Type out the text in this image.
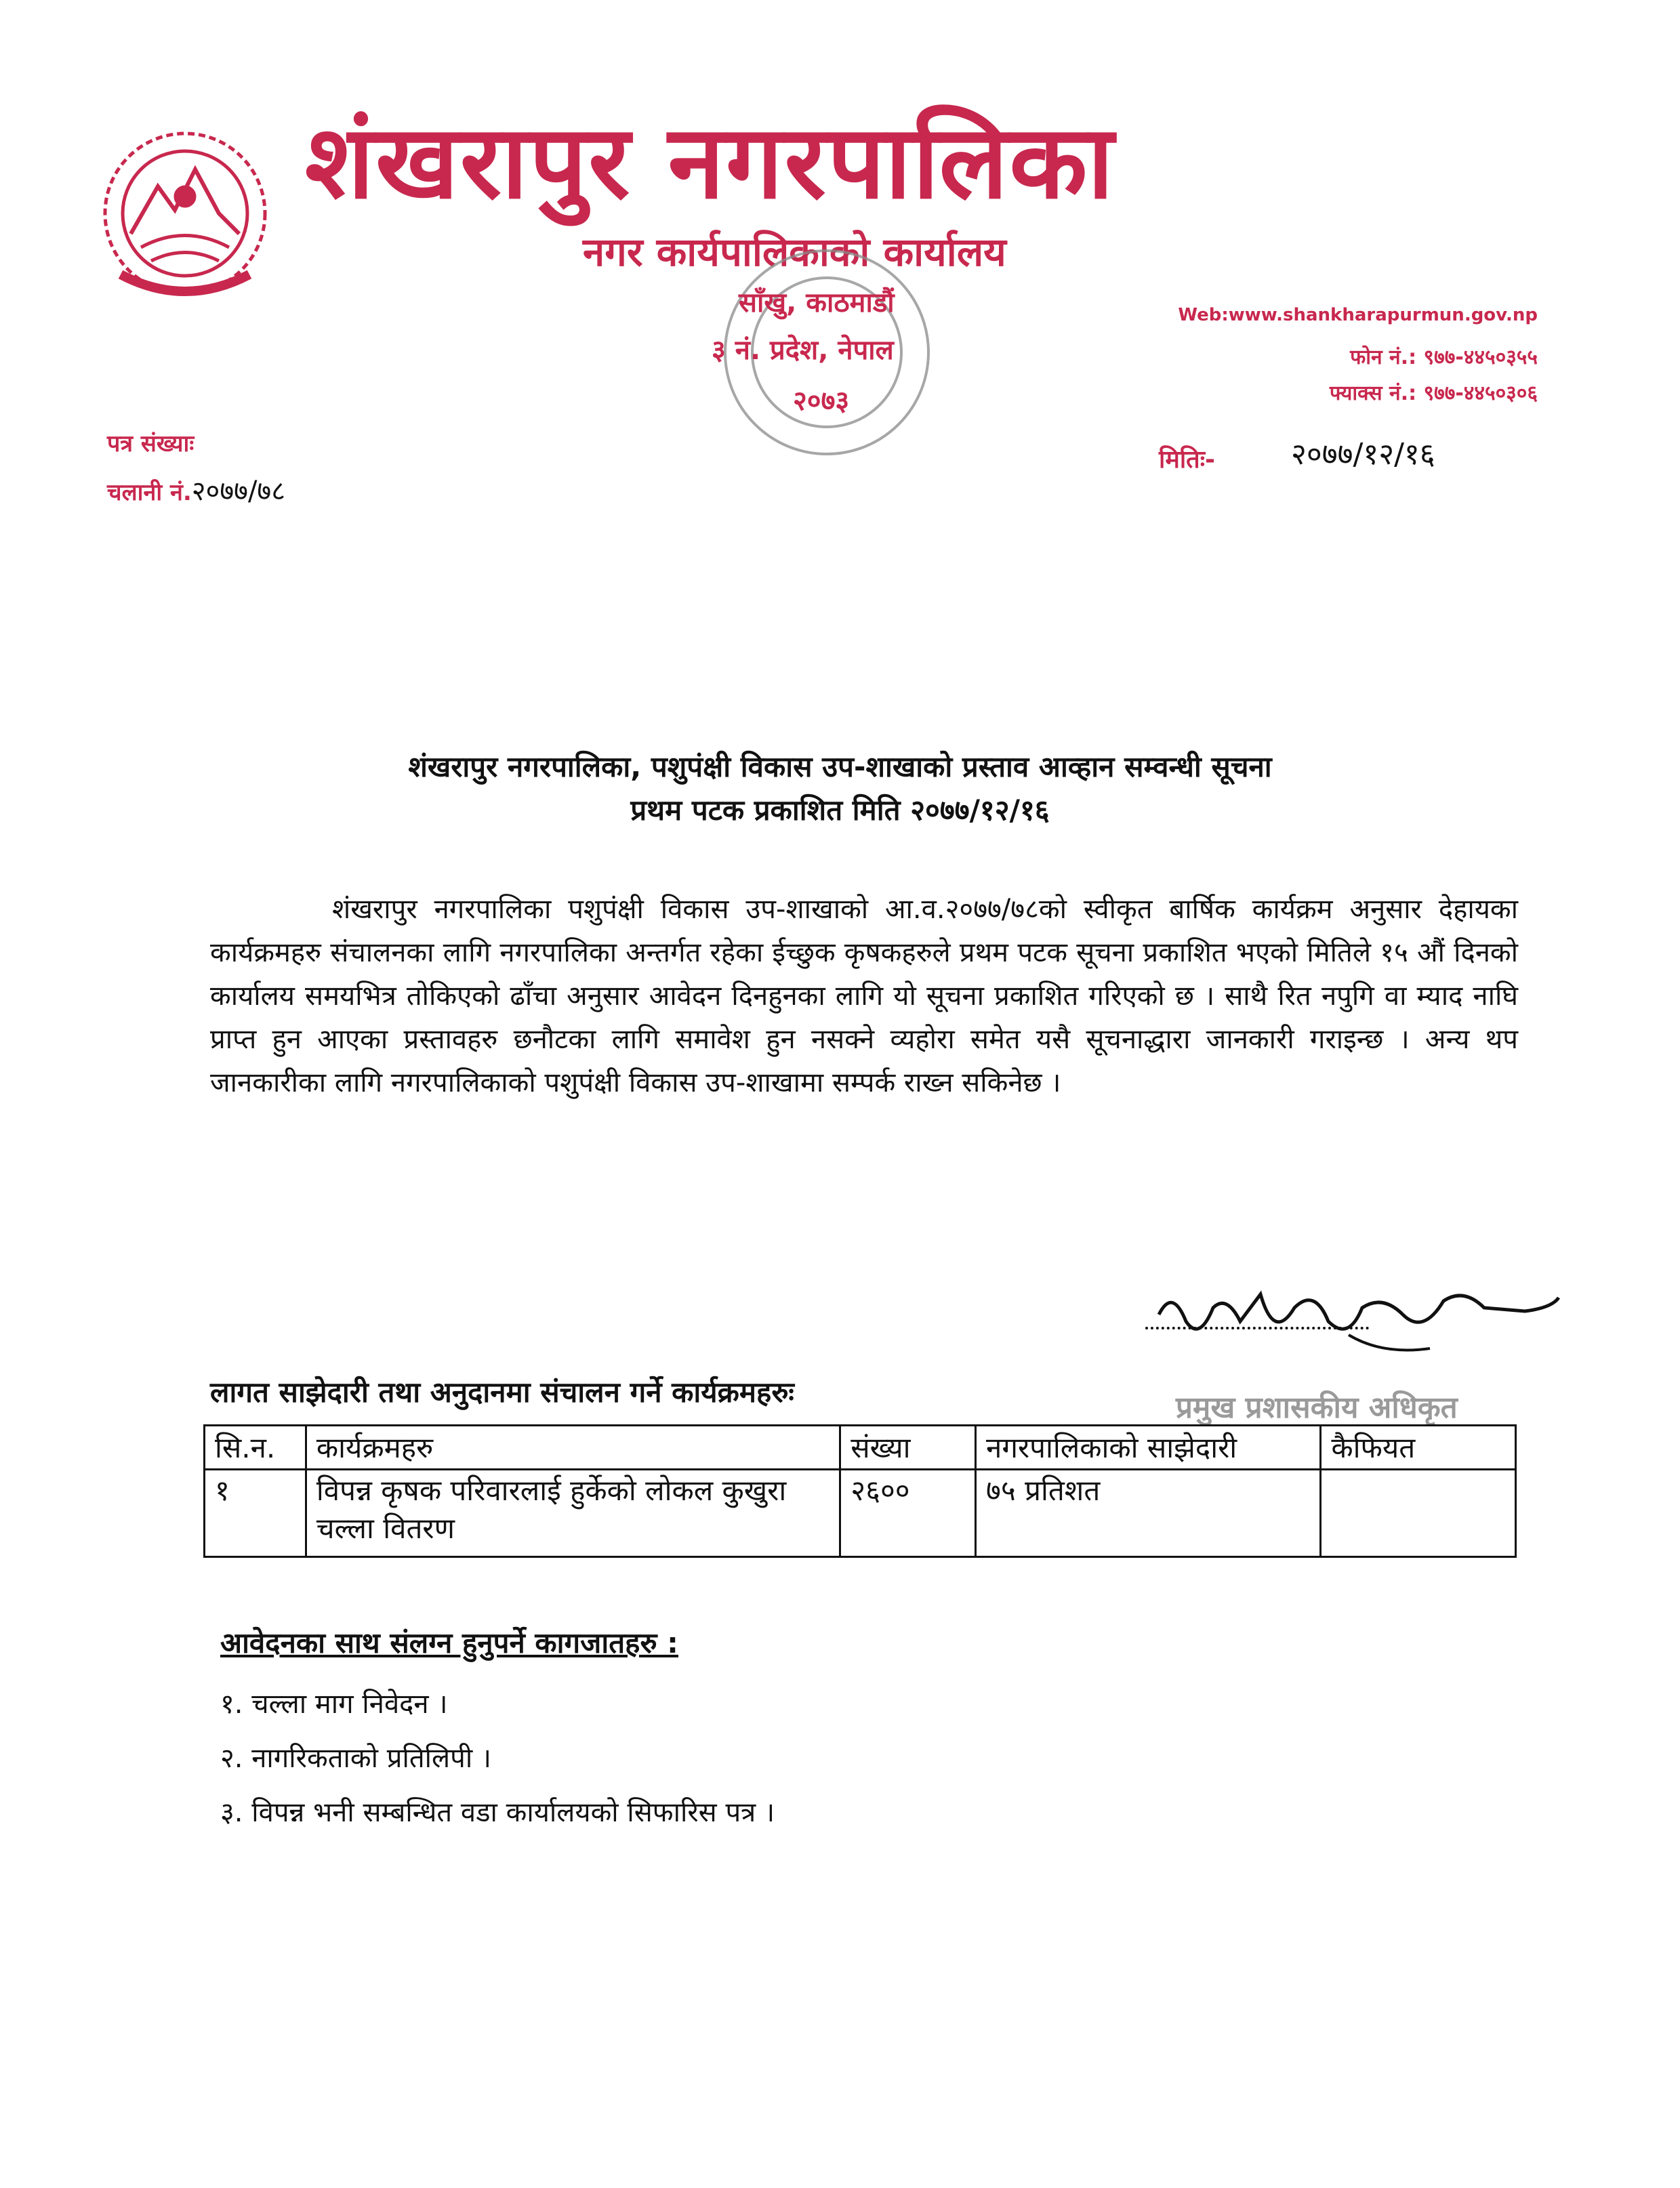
शंखरापुर नगरपालिका
नगर कार्यपालिकाको कार्यालय
साँखु, काठमाडौं
३ नं. प्रदेश, नेपाल
२०७३
Web:www.shankharapurmun.gov.np
फोन नं.: ९७७-४४५०३५५
फ्याक्स नं.: ९७७-४४५०३०६
पत्र संख्याः
चलानी नं.२०७७/७८
मितिः-	२०७७/१२/१६
शंखरापुर नगरपालिका, पशुपंक्षी विकास उप-शाखाको प्रस्ताव आव्हान सम्वन्धी सूचना
प्रथम पटक प्रकाशित मिति २०७७/१२/१६
शंखरापुर नगरपालिका पशुपंक्षी विकास उप-शाखाको आ.व.२०७७/७८को स्वीकृत बार्षिक कार्यक्रम अनुसार देहायका कार्यक्रमहरु संचालनका लागि नगरपालिका अन्तर्गत रहेका ईच्छुक कृषकहरुले प्रथम पटक सूचना प्रकाशित भएको मितिले १५ औं दिनको कार्यालय समयभित्र तोकिएको ढाँचा अनुसार आवेदन दिनहुनका लागि यो सूचना प्रकाशित गरिएको छ । साथै रित नपुगि वा म्याद नाघि प्राप्त हुन आएका प्रस्तावहरु छनौटका लागि समावेश हुन नसक्ने व्यहोरा समेत यसै सूचनाद्धारा जानकारी गराइन्छ । अन्य थप जानकारीका लागि नगरपालिकाको पशुपंक्षी विकास उप-शाखामा सम्पर्क राख्न सकिनेछ ।
प्रमुख प्रशासकीय अधिकृत
लागत साझेदारी तथा अनुदानमा संचालन गर्ने कार्यक्रमहरुः
सि.न.	कार्यक्रमहरु	संख्या	नगरपालिकाको साझेदारी	कैफियत
१	विपन्न कृषक परिवारलाई हुर्केको लोकल कुखुरा चल्ला वितरण	२६००	७५ प्रतिशत	
आवेदनका साथ संलग्न हुनुपर्ने कागजातहरु :
१. चल्ला माग निवेदन ।
२. नागरिकताको प्रतिलिपी ।
३. विपन्न भनी सम्बन्धित वडा कार्यालयको सिफारिस पत्र ।
